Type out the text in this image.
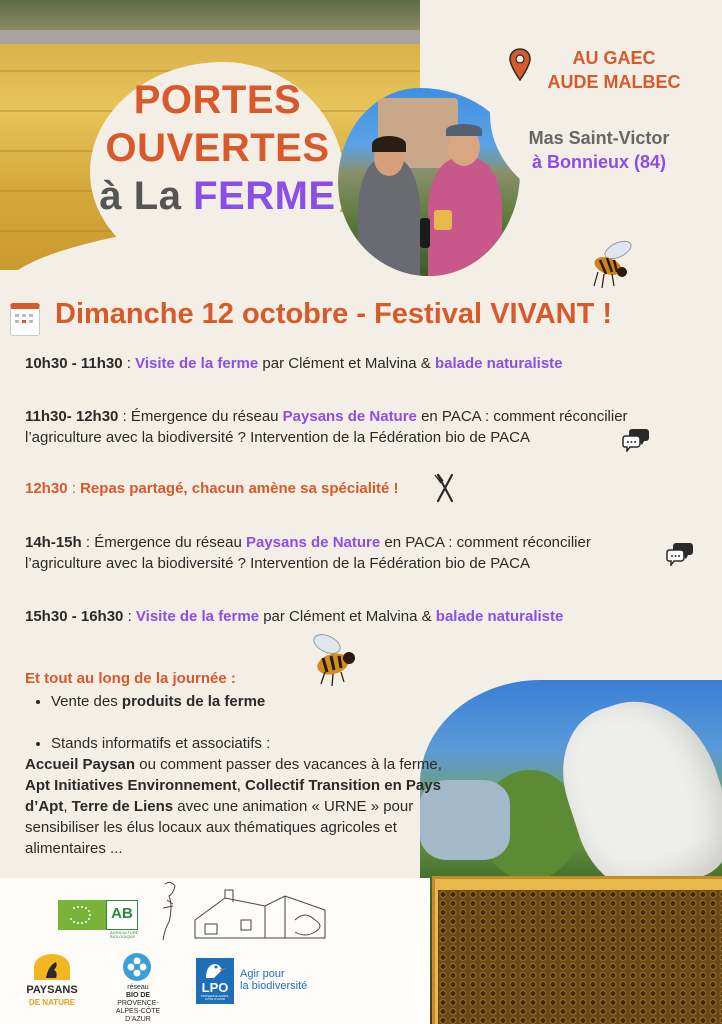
PORTES
OUVERTES
à La FERME
AU GAEC
AUDE MALBEC
Mas Saint-Victor
à Bonnieux (84)
Dimanche 12 octobre - Festival VIVANT !
10h30 - 11h30 : Visite de la ferme par Clément et Malvina & balade naturaliste
11h30- 12h30 : Émergence du réseau Paysans de Nature en PACA : comment réconcilier
l’agriculture avec la biodiversité ? Intervention de la Fédération bio de PACA
12h30 : Repas partagé, chacun amène sa spécialité !
14h-15h : Émergence du réseau Paysans de Nature en PACA : comment réconcilier
l’agriculture avec la biodiversité ? Intervention de la Fédération bio de PACA
15h30 - 16h30 : Visite de la ferme par Clément et Malvina & balade naturaliste
Et tout au long de la journée :
• Vente des produits de la ferme
• Stands informatifs et associatifs :
Accueil Paysan ou comment passer des vacances à la ferme, Apt Initiatives Environnement, Collectif Transition en Pays d’Apt, Terre de Liens avec une animation « URNE » pour sensibiliser les élus locaux aux thématiques agricoles et alimentaires ...
AB
AGRICULTURE BIOLOGIQUE
PAYSANS
DE NATURE
réseau
BIO DE
PROVENCE-
ALPES-CÔTE
D’AZUR
LPO
PROVENCE-ALPES-CÔTE D’AZUR
Agir pour
la biodiversité
